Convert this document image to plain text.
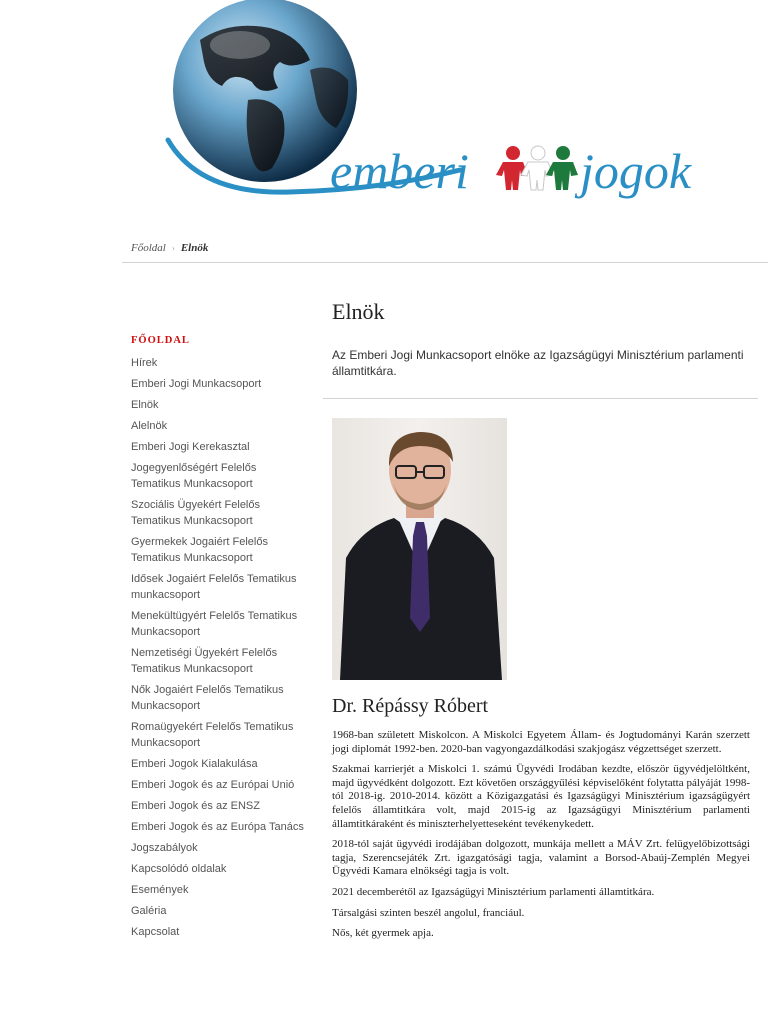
emberi jogok
Főoldal › Elnök
FŐOLDAL
Hírek
Emberi Jogi Munkacsoport
Elnök
Alelnök
Emberi Jogi Kerekasztal
Jogegyenlőségért Felelős Tematikus Munkacsoport
Szociális Ügyekért Felelős Tematikus Munkacsoport
Gyermekek Jogaiért Felelős Tematikus Munkacsoport
Idősek Jogaiért Felelős Tematikus munkacsoport
Menekültügyért Felelős Tematikus Munkacsoport
Nemzetiségi Ügyekért Felelős Tematikus Munkacsoport
Nők Jogaiért Felelős Tematikus Munkacsoport
Romaügyekért Felelős Tematikus Munkacsoport
Emberi Jogok Kialakulása
Emberi Jogok és az Európai Unió
Emberi Jogok és az ENSZ
Emberi Jogok és az Európa Tanács
Jogszabályok
Kapcsolódó oldalak
Események
Galéria
Kapcsolat
Elnök

Az Emberi Jogi Munkacsoport elnöke az Igazságügyi Minisztérium parlamenti államtitkára.

Dr. Répássy Róbert

1968-ban született Miskolcon. A Miskolci Egyetem Állam- és Jogtudományi Karán szerzett jogi diplomát 1992-ben. 2020-ban vagyongazdálkodási szakjogász végzettséget szerzett.

Szakmai karrierjét a Miskolci 1. számú Ügyvédi Irodában kezdte, először ügyvédjelöltként, majd ügyvédként dolgozott. Ezt követően országgyűlési képviselőként folytatta pályáját 1998-tól 2018-ig. 2010-2014. között a Közigazgatási és Igazságügyi Minisztérium igazságügyért felelős államtitkára volt, majd 2015-ig az Igazságügyi Minisztérium parlamenti államtitkáraként és miniszterhelyetteseként tevékenykedett.

2018-tól saját ügyvédi irodájában dolgozott, munkája mellett a MÁV Zrt. felügyelőbizottsági tagja, Szerencsejáték Zrt. igazgatósági tagja, valamint a Borsod-Abaúj-Zemplén Megyei Ügyvédi Kamara elnökségi tagja is volt.

2021 decemberétől az Igazságügyi Minisztérium parlamenti államtitkára.

Társalgási szinten beszél angolul, franciául.

Nős, két gyermek apja.
